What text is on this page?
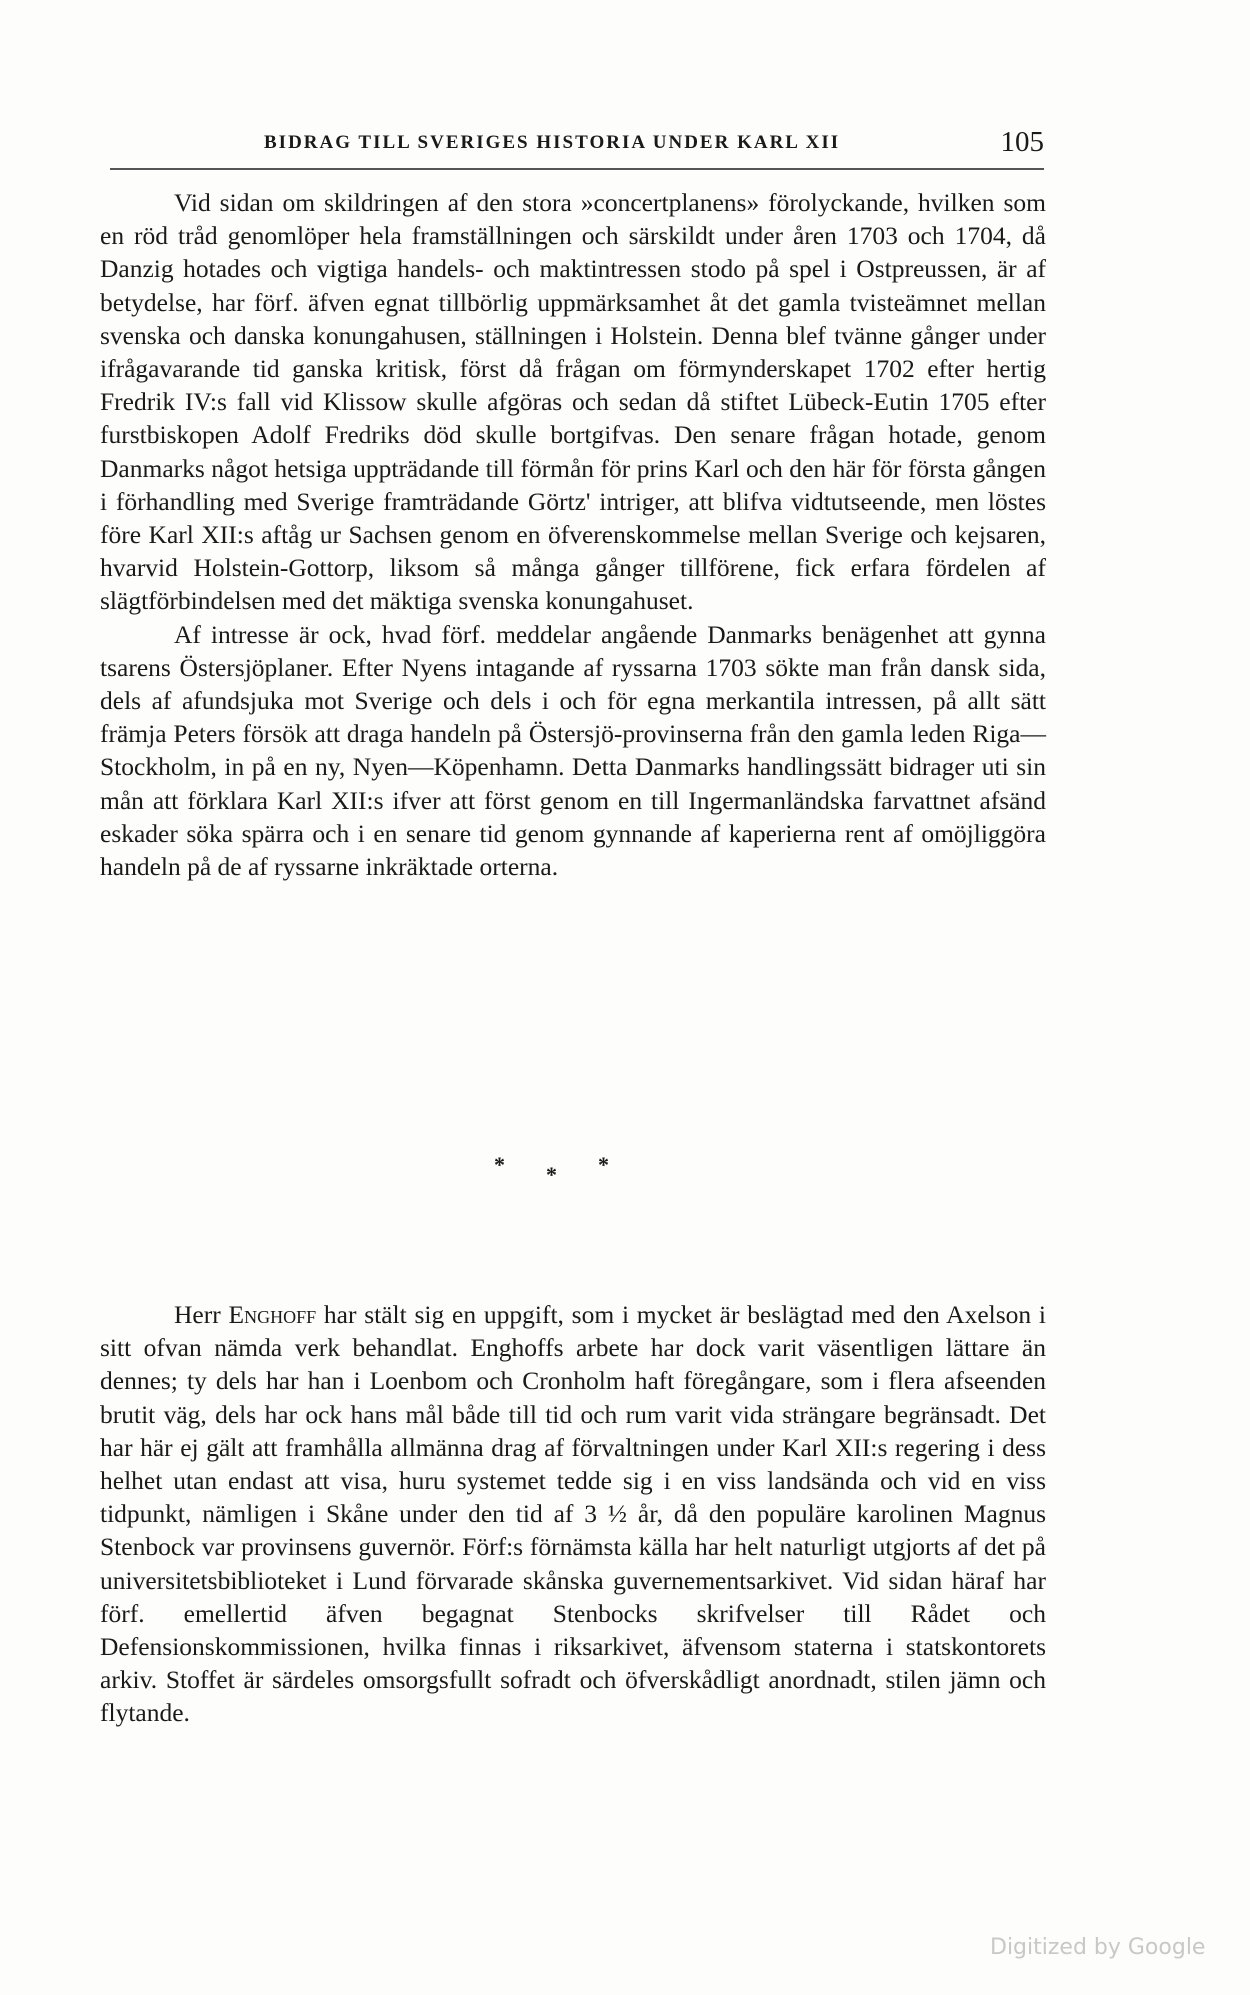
BIDRAG TILL SVERIGES HISTORIA UNDER KARL XII	105

Vid sidan om skildringen af den stora »concertplanens» förolyckande, hvilken som en röd tråd genomlöper hela framställningen och särskildt under åren 1703 och 1704, då Danzig hotades och vigtiga handels- och maktintressen stodo på spel i Ostpreussen, är af betydelse, har förf. äfven egnat tillbörlig uppmärksamhet åt det gamla tvisteämnet mellan svenska och danska konungahusen, ställningen i Holstein. Denna blef tvänne gånger under ifrågavarande tid ganska kritisk, först då frågan om förmynderskapet 1702 efter hertig Fredrik IV:s fall vid Klissow skulle afgöras och sedan då stiftet Lübeck-Eutin 1705 efter furstbiskopen Adolf Fredriks död skulle bortgifvas. Den senare frågan hotade, genom Danmarks något hetsiga uppträdande till förmån för prins Karl och den här för första gången i förhandling med Sverige framträdande Görtz' intriger, att blifva vidtutseende, men löstes före Karl XII:s aftåg ur Sachsen genom en öfverenskommelse mellan Sverige och kejsaren, hvarvid Holstein-Gottorp, liksom så många gånger tillförene, fick erfara fördelen af slägtförbindelsen med det mäktiga svenska konungahuset.

Af intresse är ock, hvad förf. meddelar angående Danmarks benägenhet att gynna tsarens Östersjöplaner. Efter Nyens intagande af ryssarna 1703 sökte man från dansk sida, dels af afundsjuka mot Sverige och dels i och för egna merkantila intressen, på allt sätt främja Peters försök att draga handeln på Östersjö-provinserna från den gamla leden Riga—Stockholm, in på en ny, Nyen—Köpenhamn. Detta Danmarks handlingssätt bidrager uti sin mån att förklara Karl XII:s ifver att först genom en till Ingermanländska farvattnet afsänd eskader söka spärra och i en senare tid genom gynnande af kaperierna rent af omöjliggöra handeln på de af ryssarne inkräktade orterna.

* * *

Herr Enghoff har stält sig en uppgift, som i mycket är beslägtad med den Axelson i sitt ofvan nämda verk behandlat. Enghoffs arbete har dock varit väsentligen lättare än dennes; ty dels har han i Loenbom och Cronholm haft föregångare, som i flera afseenden brutit väg, dels har ock hans mål både till tid och rum varit vida strängare begränsadt. Det har här ej gält att framhålla allmänna drag af förvaltningen under Karl XII:s regering i dess helhet utan endast att visa, huru systemet tedde sig i en viss landsända och vid en viss tidpunkt, nämligen i Skåne under den tid af 3 ½ år, då den populäre karolinen Magnus Stenbock var provinsens guvernör. Förf:s förnämsta källa har helt naturligt utgjorts af det på universitetsbiblioteket i Lund förvarade skånska guvernementsarkivet. Vid sidan häraf har förf. emellertid äfven begagnat Stenbocks skrifvelser till Rådet och Defensionskommissionen, hvilka finnas i riksarkivet, äfvensom staterna i statskontorets arkiv. Stoffet är särdeles omsorgsfullt sofradt och öfverskådligt anordnadt, stilen jämn och flytande.

Digitized by Google
